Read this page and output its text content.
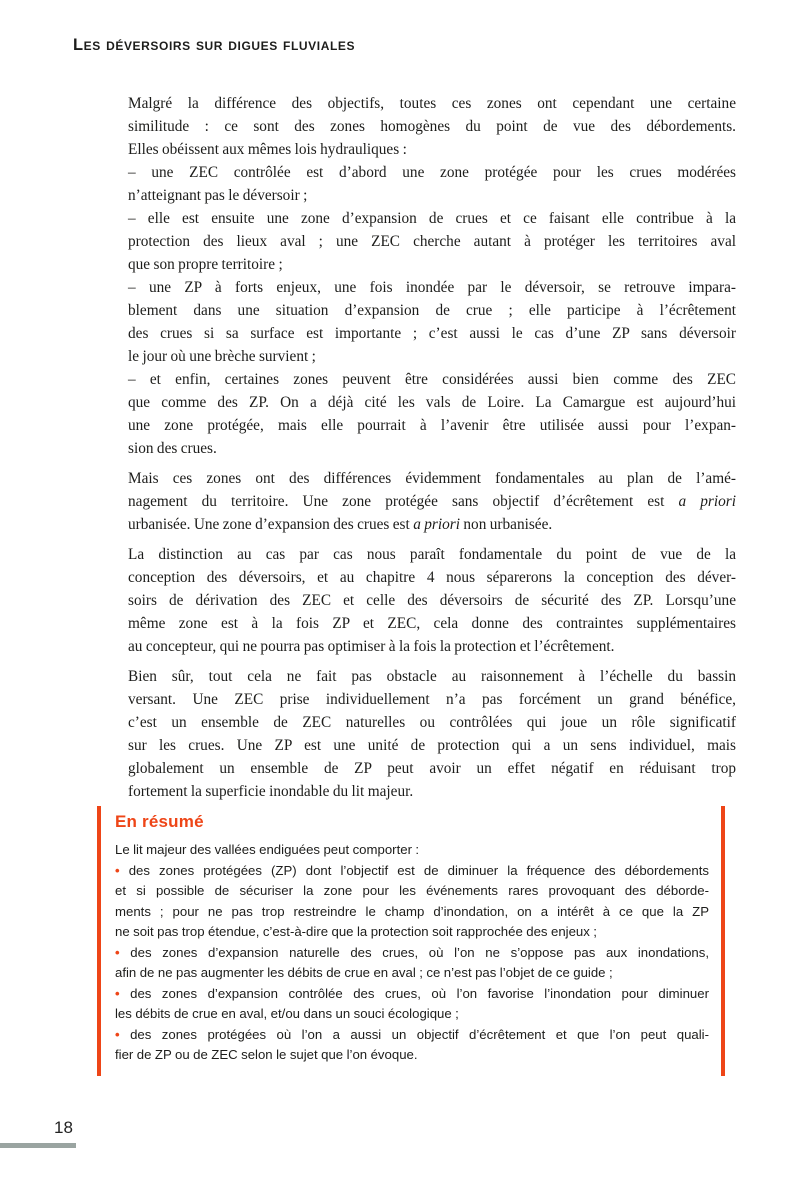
Les déversoirs sur digues fluviales
Malgré la différence des objectifs, toutes ces zones ont cependant une certaine
similitude : ce sont des zones homogènes du point de vue des débordements.
Elles obéissent aux mêmes lois hydrauliques :
– une ZEC contrôlée est d’abord une zone protégée pour les crues modérées
n’atteignant pas le déversoir ;
– elle est ensuite une zone d’expansion de crues et ce faisant elle contribue à la
protection des lieux aval ; une ZEC cherche autant à protéger les territoires aval
que son propre territoire ;
– une ZP à forts enjeux, une fois inondée par le déversoir, se retrouve impara-
blement dans une situation d’expansion de crue ; elle participe à l’écrêtement
des crues si sa surface est importante ; c’est aussi le cas d’une ZP sans déversoir
le jour où une brèche survient ;
– et enfin, certaines zones peuvent être considérées aussi bien comme des ZEC
que comme des ZP. On a déjà cité les vals de Loire. La Camargue est aujourd’hui
une zone protégée, mais elle pourrait à l’avenir être utilisée aussi pour l’expan-
sion des crues.
Mais ces zones ont des différences évidemment fondamentales au plan de l’amé-
nagement du territoire. Une zone protégée sans objectif d’écrêtement est a priori
urbanisée. Une zone d’expansion des crues est a priori non urbanisée.
La distinction au cas par cas nous paraît fondamentale du point de vue de la
conception des déversoirs, et au chapitre 4 nous séparerons la conception des déver-
soirs de dérivation des ZEC et celle des déversoirs de sécurité des ZP. Lorsqu’une
même zone est à la fois ZP et ZEC, cela donne des contraintes supplémentaires
au concepteur, qui ne pourra pas optimiser à la fois la protection et l’écrêtement.
Bien sûr, tout cela ne fait pas obstacle au raisonnement à l’échelle du bassin
versant. Une ZEC prise individuellement n’a pas forcément un grand bénéfice,
c’est un ensemble de ZEC naturelles ou contrôlées qui joue un rôle significatif
sur les crues. Une ZP est une unité de protection qui a un sens individuel, mais
globalement un ensemble de ZP peut avoir un effet négatif en réduisant trop
fortement la superficie inondable du lit majeur.
En résumé
Le lit majeur des vallées endiguées peut comporter :
• des zones protégées (ZP) dont l’objectif est de diminuer la fréquence des débordements
et si possible de sécuriser la zone pour les événements rares provoquant des déborde-
ments ; pour ne pas trop restreindre le champ d’inondation, on a intérêt à ce que la ZP
ne soit pas trop étendue, c’est-à-dire que la protection soit rapprochée des enjeux ;
• des zones d’expansion naturelle des crues, où l’on ne s’oppose pas aux inondations,
afin de ne pas augmenter les débits de crue en aval ; ce n’est pas l’objet de ce guide ;
• des zones d’expansion contrôlée des crues, où l’on favorise l’inondation pour diminuer
les débits de crue en aval, et/ou dans un souci écologique ;
• des zones protégées où l’on a aussi un objectif d’écrêtement et que l’on peut quali-
fier de ZP ou de ZEC selon le sujet que l’on évoque.
18
